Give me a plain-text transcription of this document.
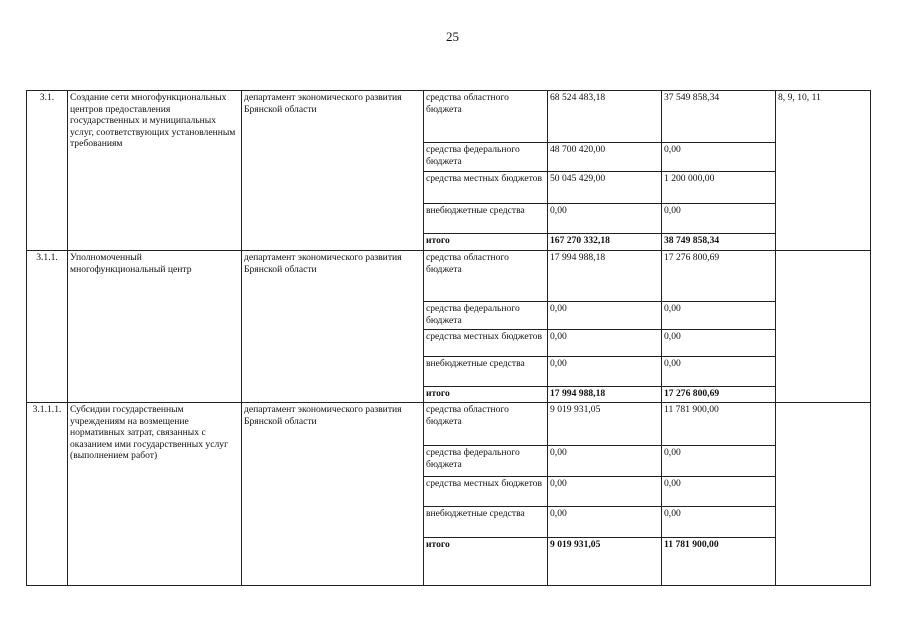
25
3.1.	Создание сети многофункциональных центров предоставления государственных и муниципальных услуг, соответствующих установленным требованиям	департамент экономического развития Брянской области	средства областного бюджета	68 524 483,18	37 549 858,34	8, 9, 10, 11
			средства федерального бюджета	48 700 420,00	0,00	
			средства местных бюджетов	50 045 429,00	1 200 000,00	
			внебюджетные средства	0,00	0,00	
			итого	167 270 332,18	38 749 858,34	
3.1.1.	Уполномоченный многофункциональный центр	департамент экономического развития Брянской области	средства областного бюджета	17 994 988,18	17 276 800,69	
			средства федерального бюджета	0,00	0,00	
			средства местных бюджетов	0,00	0,00	
			внебюджетные средства	0,00	0,00	
			итого	17 994 988,18	17 276 800,69	
3.1.1.1.	Субсидии государственным учреждениям на возмещение нормативных затрат, связанных с оказанием ими государственных услуг (выполнением работ)	департамент экономического развития Брянской области	средства областного бюджета	9 019 931,05	11 781 900,00	
			средства федерального бюджета	0,00	0,00	
			средства местных бюджетов	0,00	0,00	
			внебюджетные средства	0,00	0,00	
			итого	9 019 931,05	11 781 900,00	
